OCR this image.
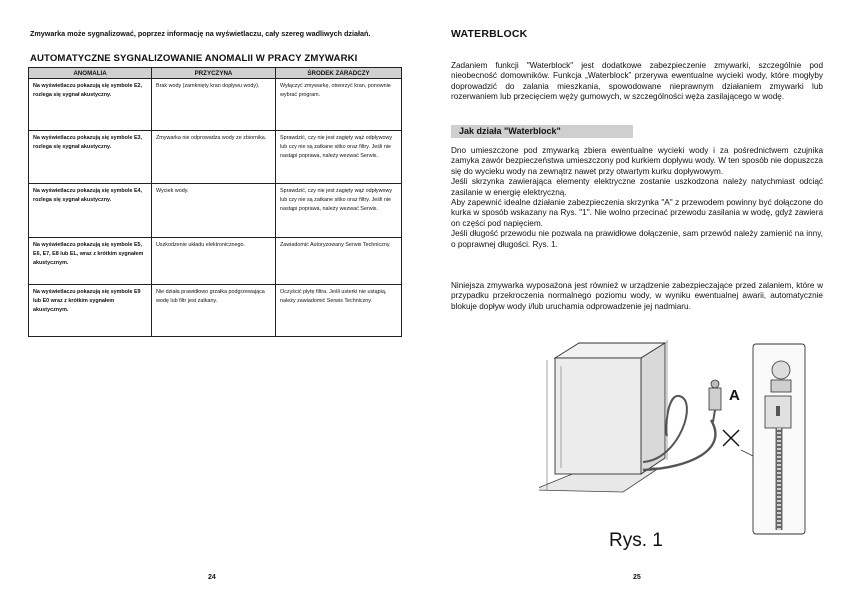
Zmywarka może sygnalizować, poprzez informację na wyświetlaczu, cały szereg wadliwych działań.
AUTOMATYCZNE SYGNALIZOWANIE ANOMALII W PRACY ZMYWARKI
ANOMALIA	PRZYCZYNA	ŚRODEK ZARADCZY
Na wyświetlaczu pokazują się symbole E2, rozlega się sygnał akustyczny.	Brak wody (zamknięty kran dopływu wody).	Wyłączyć zmywarkę, otworzyć kran, ponownie wybrać program.
Na wyświetlaczu pokazują się symbole E3, rozlega się sygnał akustyczny.	Zmywarka nie odprowadza wody ze zbiornika.	Sprawdzić, czy nie jest zagięty wąż odpływowy lub czy nie są zatkane sitko oraz filtry. Jeśli nie nastąpi poprawa, należy wezwać Serwis.
Na wyświetlaczu pokazują się symbole E4, rozlega się sygnał akustyczny.	Wyciek wody.	Sprawdzić, czy nie jest zagięty wąż odpływowy lub czy nie są zatkane sitko oraz filtry. Jeśli nie nastąpi poprawa, należy wezwać Serwis.
Na wyświetlaczu pokazują się symbole E5, E6, E7, E8 lub EL, wraz z krótkim sygnałem akustycznym.	Uszkodzenie układu elektronicznego.	Zawiadomić Autoryzowany Serwis Techniczny.
Na wyświetlaczu pokazują się symbole E9 lub E0 wraz z krótkim sygnałem akustycznym.	Nie działa prawidłowo grzałka podgrzewająca wodę lub filtr jest zatkany.	Oczyścić płytę filtra. Jeśli usterki nie ustąpią, należy zawiadomić Serwis Techniczny.
24
WATERBLOCK
Zadaniem funkcji "Waterblock" jest dodatkowe zabezpieczenie zmywarki, szczególnie pod nieobecność domowników. Funkcja „Waterblock” przerywa ewentualne wycieki wody, które mogłyby doprowadzić do zalania mieszkania, spowodowane nieprawnym działaniem zmywarki lub rozerwaniem lub przecięciem węży gumowych, w szczególności węża zasilającego w wodę.
Jak działa "Waterblock"
Dno umieszczone pod zmywarką zbiera ewentualne wycieki wody i za pośrednictwem czujnika zamyka zawór bezpieczeństwa umieszczony pod kurkiem dopływu wody. W ten sposób nie dopuszcza się do wycieku wody na zewnątrz nawet przy otwartym kurku dopływowym.
Jeśli skrzynka zawierająca elementy elektryczne zostanie uszkodzona należy natychmiast odciąć zasilanie w energię elektryczną.
Aby zapewnić idealne działanie zabezpieczenia skrzynka "A" z przewodem powinny być dołączone do kurka w sposób wskazany na Rys. "1". Nie wolno przecinać przewodu zasilania w wodę, gdyż zawiera on części pod napięciem.
Jeśli długość przewodu nie pozwala na prawidłowe dołączenie, sam przewód należy zamienić na inny, o poprawnej długości. Rys. 1.
Niniejsza zmywarka wyposażona jest również w urządzenie zabezpieczające przed zalaniem, które w przypadku przekroczenia normalnego poziomu wody, w wyniku ewentualnej awarii, automatycznie blokuje dopływ wody i/lub uruchamia odprowadzenie jej nadmiaru.
A
Rys. 1
25
